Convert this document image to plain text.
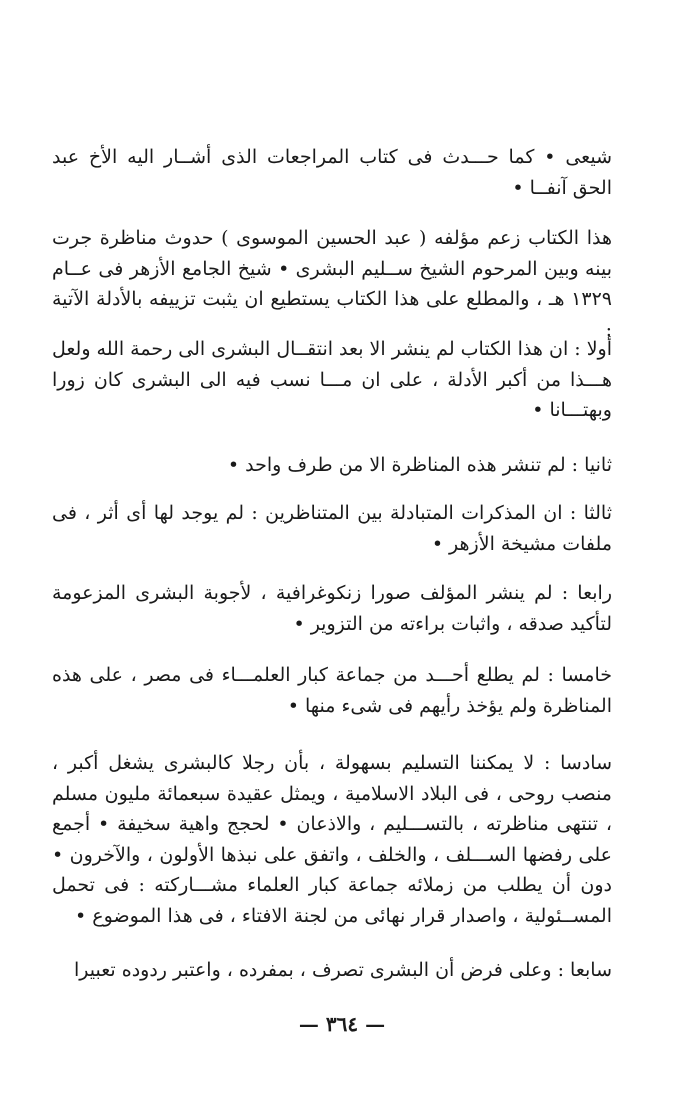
شيعى • كما حـــدث فى كتاب المراجعات الذى أشــار اليه الأخ عبد الحق آنفــا •

هذا الكتاب زعم مؤلفه ( عبد الحسين الموسوى ) حدوث مناظرة جرت بينه وبين المرحوم الشيخ ســليم البشرى • شيخ الجامع الأزهر فى عــام ١٣٢٩ هـ ، والمطلع على هذا الكتاب يستطيع ان يثبت تزييفه بالأدلة الآتية :

أولا : ان هذا الكتاب لم ينشر الا بعد انتقــال البشرى الى رحمة الله ولعل هـــذا من أكبر الأدلة ، على ان مـــا نسب فيه الى البشرى كان زورا وبهتـــانا •

ثانيا : لم تنشر هذه المناظرة الا من طرف واحد •

ثالثا : ان المذكرات المتبادلة بين المتناظرين : لم يوجد لها أى أثر ، فى ملفات مشيخة الأزهر •

رابعا : لم ينشر المؤلف صورا زنكوغرافية ، لأجوبة البشرى المزعومة لتأكيد صدقه ، واثبات براءته من التزوير •

خامسا : لم يطلع أحـــد من جماعة كبار العلمـــاء فى مصر ، على هذه المناظرة ولم يؤخذ رأيهم فى شىء منها •

سادسا : لا يمكننا التسليم بسهولة ، بأن رجلا كالبشرى يشغل أكبر ، منصب روحى ، فى البلاد الاسلامية ، ويمثل عقيدة سبعمائة مليون مسلم ، تنتهى مناظرته ، بالتســـليم ، والاذعان • لحجج واهية سخيفة • أجمع على رفضها الســـلف ، والخلف ، واتفق على نبذها الأولون ، والآخرون • دون أن يطلب من زملائه جماعة كبار العلماء مشـــاركته : فى تحمل المســئولية ، واصدار قرار نهائى من لجنة الافتاء ، فى هذا الموضوع •

سابعا : وعلى فرض أن البشرى تصرف ، بمفرده ، واعتبر ردوده تعبيرا

— ٣٦٤ —
